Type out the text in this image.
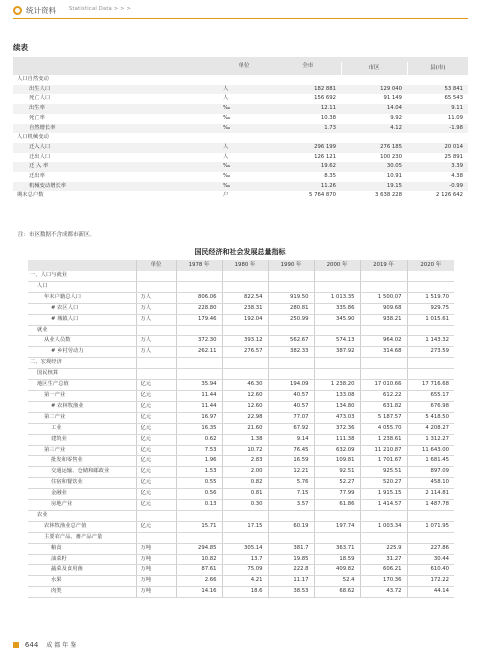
统计资料	Statistical Data > > >
续表
	单位	全市		
			市区	县(市)
人口自然变动				
出生人口	人	182 881	129 040	53 841
死亡人口	人	156 692	91 149	65 543
出生率	‰	12.11	14.04	9.11
死亡率	‰	10.38	9.92	11.09
自然增长率	‰	1.73	4.12	-1.98
人口机械变动				
迁入人口	人	296 199	276 185	20 014
迁出人口	人	126 121	100 230	25 891
迁 入 率	‰	19.62	30.05	3.39
迁出率	‰	8.35	10.91	4.38
机械变动增长率	‰	11.26	19.15	-0.99
期末总户数	户	5 764 870	3 638 228	2 126 642
注：市区数据不含成都市新区。
国民经济和社会发展总量指标
	单位	1978 年	1980 年	1990 年	2000 年	2019 年	2020 年
一、人口与就业							
人口							
年末户籍总人口	万人	806.06	822.54	919.50	1 013.35	1 500.07	1 519.70
# 农区人口	万人	228.80	238.31	280.81	335.86	909.68	929.75
# 城镇人口	万人	179.46	192.04	250.99	345.90	938.21	1 015.61
就业							
从业人员数	万人	372.30	393.12	562.67	574.13	964.02	1 143.32
# 乡村劳动力	万人	262.11	276.57	382.33	387.92	314.68	273.59
二、宏观经济							
国民核算							
地区生产总值	亿元	35.94	46.30	194.09	1 238.20	17 010.66	17 716.68
第一产业	亿元	11.44	12.60	40.57	133.08	612.22	655.17
# 农林牧渔业	亿元	11.44	12.60	40.57	134.80	631.82	676.98
第二产业	亿元	16.97	22.98	77.07	473.03	5 187.57	5 418.50
工业	亿元	16.35	21.60	67.92	372.36	4 055.70	4 208.27
建筑业	亿元	0.62	1.38	9.14	111.38	1 238.61	1 312.27
第三产业	亿元	7.53	10.72	76.45	632.09	11 210.87	11 643.00
批发和零售业	亿元	1.96	2.83	16.59	109.81	1 701.67	1 681.45
交通运输、仓储和邮政业	亿元	1.53	2.00	12.21	92.51	925.51	897.09
住宿和餐饮业	亿元	0.55	0.82	5.76	52.27	520.27	458.10
金融业	亿元	0.56	0.81	7.15	77.99	1 915.15	2 114.81
房地产业	亿元	0.13	0.30	3.57	61.86	1 414.57	1 487.78
农业							
农林牧渔业总产值	亿元	15.71	17.15	60.19	197.74	1 003.34	1 071.95
主要农产品、畜产品产量							
粮食	万吨	294.85	305.14	381.7	363.71	225.9	227.86
油菜籽	万吨	10.82	13.7	19.85	18.59	31.27	30.44
蔬菜及食用菌	万吨	87.61	75.09	222.8	409.82	606.21	610.40
水果	万吨	2.66	4.21	11.17	52.4	170.36	172.22
肉类	万吨	14.16	18.6	38.53	68.62	43.72	44.14
644 成都年鉴
